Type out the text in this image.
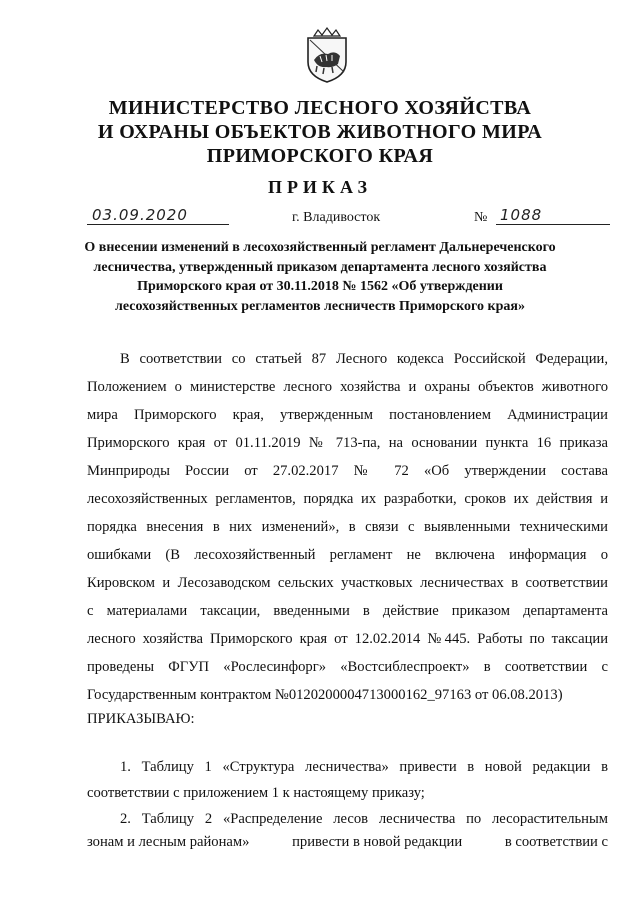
МИНИСТЕРСТВО ЛЕСНОГО ХОЗЯЙСТВА
И ОХРАНЫ ОБЪЕКТОВ ЖИВОТНОГО МИРА
ПРИМОРСКОГО КРАЯ
ПРИКАЗ
03.09.2020	г. Владивосток	№ 1088
О внесении изменений в лесохозяйственный регламент Дальнереченского
лесничества, утвержденный приказом департамента лесного хозяйства
Приморского края от 30.11.2018 № 1562 «Об утверждении
лесохозяйственных регламентов лесничеств Приморского края»
В соответствии со статьей 87 Лесного кодекса Российской Федерации,
Положением о министерстве лесного хозяйства и охраны объектов животного
мира Приморского края, утвержденным постановлением Администрации
Приморского края от 01.11.2019 № 713-па, на основании пункта 16 приказа
Минприроды России от 27.02.2017 № 72 «Об утверждении состава
лесохозяйственных регламентов, порядка их разработки, сроков их действия и
порядка внесения в них изменений», в связи с выявленными техническими
ошибками (В лесохозяйственный регламент не включена информация о
Кировском и Лесозаводском сельских участковых лесничествах в соответствии
с материалами таксации, введенными в действие приказом департамента
лесного хозяйства Приморского края от 12.02.2014 №445. Работы по таксации
проведены ФГУП «Рослесинфорг» «Востсиблеспроект» в соответствии с
Государственным контрактом №0120200004713000162_97163 от 06.08.2013)
ПРИКАЗЫВАЮ:
1. Таблицу 1 «Структура лесничества» привести в новой редакции в
соответствии с приложением 1 к настоящему приказу;
2. Таблицу 2 «Распределение лесов лесничества по лесорастительным
зонам и лесным районам»	привести в новой редакции	в соответствии с
